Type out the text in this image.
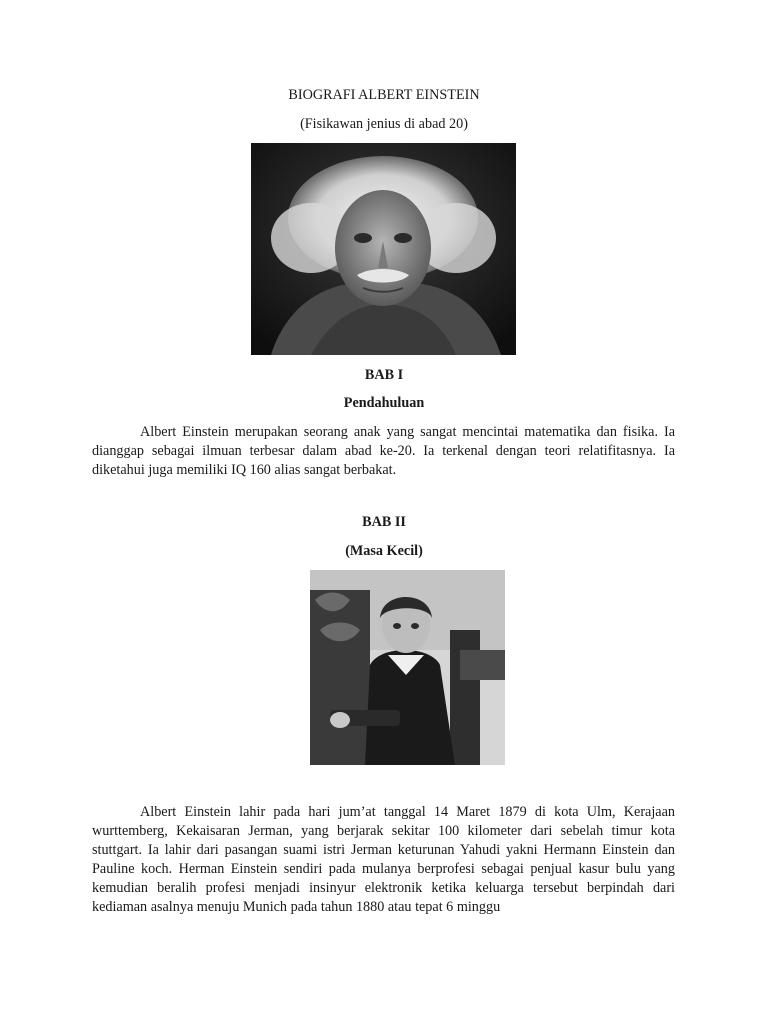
BIOGRAFI ALBERT EINSTEIN
(Fisikawan jenius di abad 20)
BAB I
Pendahuluan

Albert Einstein merupakan seorang anak yang sangat mencintai matematika dan fisika. Ia dianggap sebagai ilmuan terbesar dalam abad ke-20. Ia terkenal dengan teori relatifitasnya. Ia diketahui juga memiliki IQ 160 alias sangat berbakat.

BAB II
(Masa Kecil)

Albert Einstein lahir pada hari jum’at tanggal 14 Maret 1879 di kota Ulm, Kerajaan wurttemberg, Kekaisaran Jerman, yang berjarak sekitar 100 kilometer dari sebelah timur kota stuttgart. Ia lahir dari pasangan suami istri Jerman keturunan Yahudi yakni Hermann Einstein dan Pauline koch. Herman Einstein sendiri pada mulanya berprofesi sebagai penjual kasur bulu yang kemudian beralih profesi menjadi insinyur elektronik ketika keluarga tersebut berpindah dari kediaman asalnya menuju Munich pada tahun 1880 atau tepat 6 minggu
